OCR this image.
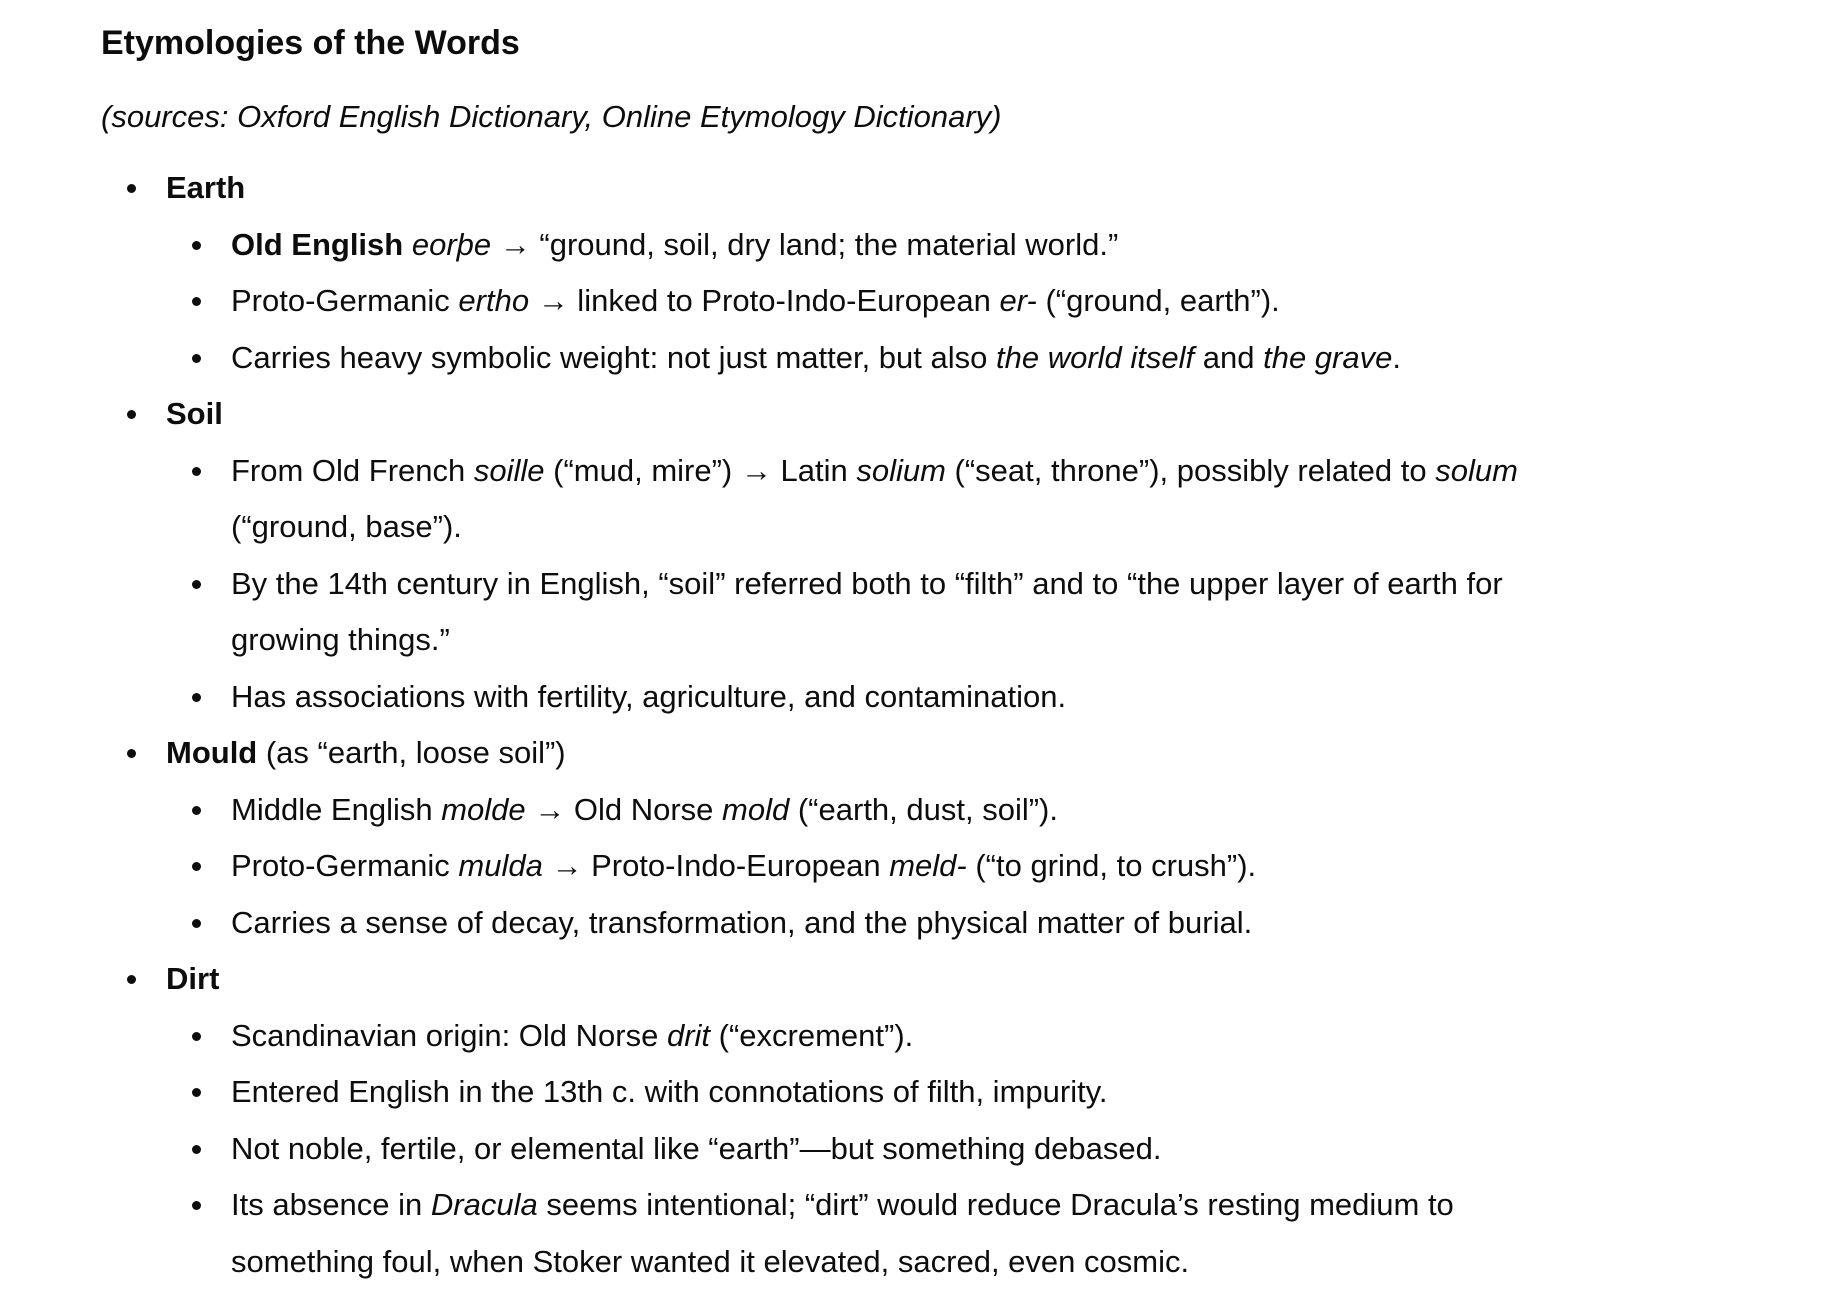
Etymologies of the Words

(sources: Oxford English Dictionary, Online Etymology Dictionary)

Earth
Old English eorþe → “ground, soil, dry land; the material world.”
Proto-Germanic ertho → linked to Proto-Indo-European er- (“ground, earth”).
Carries heavy symbolic weight: not just matter, but also the world itself and the grave.
Soil
From Old French soille (“mud, mire”) → Latin solium (“seat, throne”), possibly related to solum
(“ground, base”).
By the 14th century in English, “soil” referred both to “filth” and to “the upper layer of earth for
growing things.”
Has associations with fertility, agriculture, and contamination.
Mould (as “earth, loose soil”)
Middle English molde → Old Norse mold (“earth, dust, soil”).
Proto-Germanic mulda → Proto-Indo-European meld- (“to grind, to crush”).
Carries a sense of decay, transformation, and the physical matter of burial.
Dirt
Scandinavian origin: Old Norse drit (“excrement”).
Entered English in the 13th c. with connotations of filth, impurity.
Not noble, fertile, or elemental like “earth”—but something debased.
Its absence in Dracula seems intentional; “dirt” would reduce Dracula’s resting medium to
something foul, when Stoker wanted it elevated, sacred, even cosmic.
